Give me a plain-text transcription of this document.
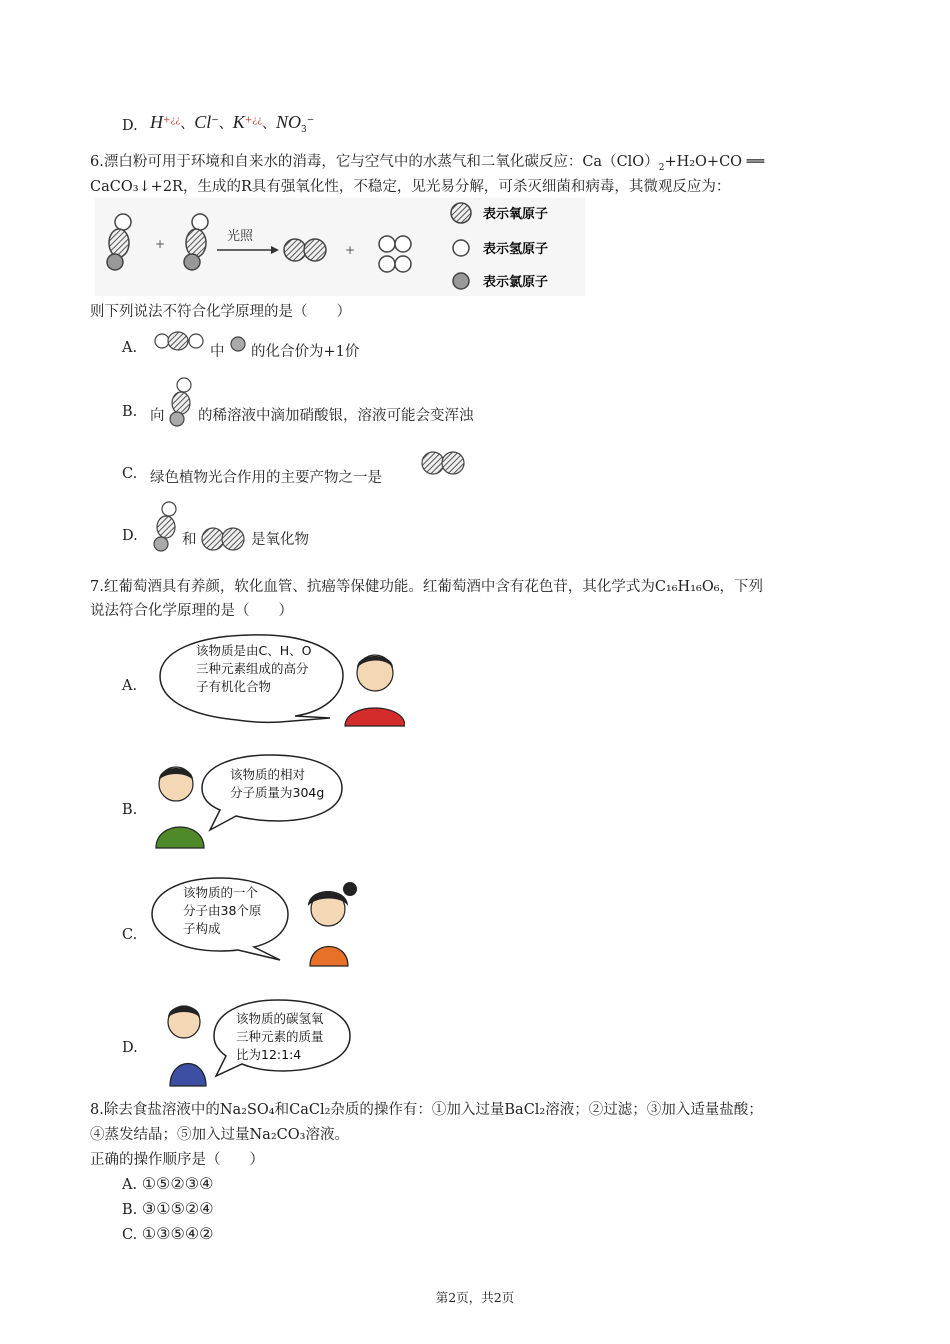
D. H+¿¿、Cl−、K+¿¿、$NO_3^-$
6.漂白粉可用于环境和自来水的消毒，它与空气中的水蒸气和二氧化碳反应：$Ca(ClO)_2+H_2O+CO$ ══
CaCO₃↓+2R，生成的R具有强氧化性，不稳定，见光易分解，可杀灭细菌和病毒，其微观反应为：
+	光照
+
表示氧原子
表示氢原子
表示氯原子
则下列说法不符合化学原理的是（　　）
A.	中 的化合价为+1价
B. 向 的稀溶液中滴加硝酸银，溶液可能会变浑浊
C. 绿色植物光合作用的主要产物之一是
D.	和	是氧化物
7.红葡萄酒具有养颜，软化血管、抗癌等保健功能。红葡萄酒中含有花色苷，其化学式为C₁₆H₁₆O₆，下列
说法符合化学原理的是（　　）
A.
该物质是由C、H、O
三种元素组成的高分
子有机化合物
B.
该物质的相对
分子质量为304g
C.
该物质的一个
分子由38个原
子构成
D.
该物质的碳氢氧
三种元素的质量
比为12:1:4
8.除去食盐溶液中的Na₂SO₄和CaCl₂杂质的操作有：①加入过量BaCl₂溶液；②过滤；③加入适量盐酸；
④蒸发结晶；⑤加入过量Na₂CO₃溶液。
正确的操作顺序是（　　）
A. ①⑤②③④
B. ③①⑤②④
C. ①③⑤④②
第2页，共2页
